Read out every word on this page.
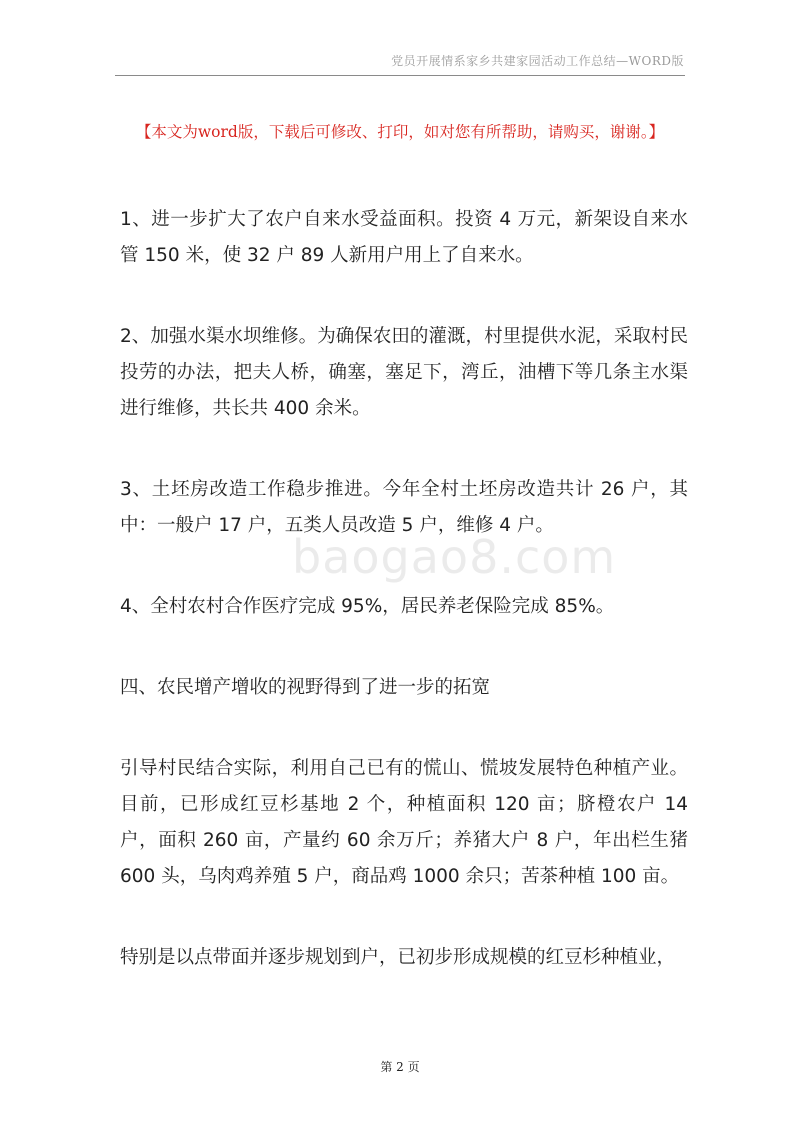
党员开展情系家乡共建家园活动工作总结—WORD版
【本文为word版，下载后可修改、打印，如对您有所帮助，请购买，谢谢。】

1、进一步扩大了农户自来水受益面积。投资 4 万元，新架设自来水管 150 米，使 32 户 89 人新用户用上了自来水。

2、加强水渠水坝维修。为确保农田的灌溉，村里提供水泥，采取村民投劳的办法，把夫人桥，确塞，塞足下，湾丘，油槽下等几条主水渠进行维修，共长共 400 余米。

3、土坯房改造工作稳步推进。今年全村土坯房改造共计 26 户，其中：一般户 17 户，五类人员改造 5 户，维修 4 户。

4、全村农村合作医疗完成 95%，居民养老保险完成 85%。

四、农民增产增收的视野得到了进一步的拓宽

引导村民结合实际，利用自己已有的慌山、慌坡发展特色种植产业。目前，已形成红豆杉基地 2 个，种植面积 120 亩；脐橙农户 14 户，面积 260 亩，产量约 60 余万斤；养猪大户 8 户，年出栏生猪 600 头，乌肉鸡养殖 5 户，商品鸡 1000 余只；苦茶种植 100 亩。

特别是以点带面并逐步规划到户，已初步形成规模的红豆杉种植业，

baogao8.com
第 2 页
